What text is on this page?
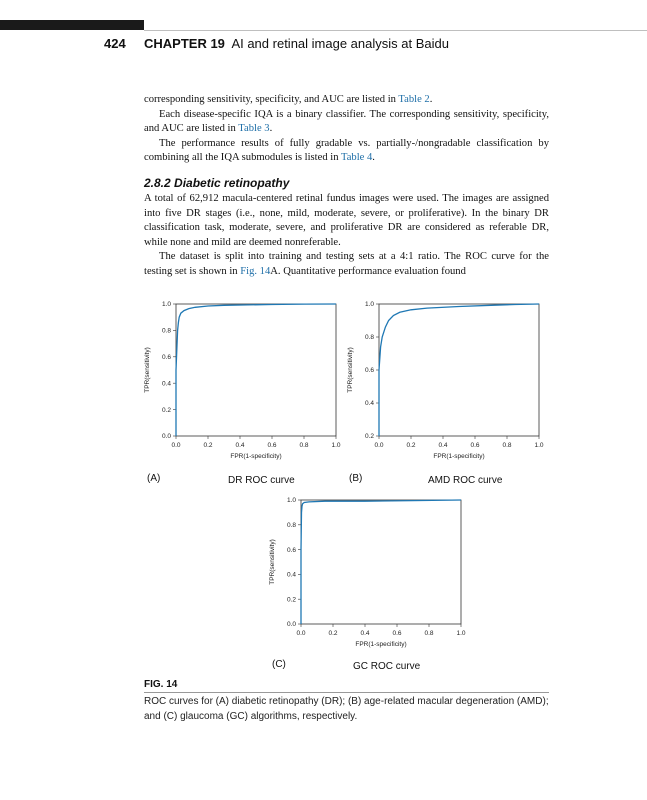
424 CHAPTER 19 AI and retinal image analysis at Baidu

corresponding sensitivity, specificity, and AUC are listed in Table 2.

Each disease-specific IQA is a binary classifier. The corresponding sensitivity, specificity, and AUC are listed in Table 3.

The performance results of fully gradable vs. partially-/nongradable classification by combining all the IQA submodules is listed in Table 4.

2.8.2 Diabetic retinopathy

A total of 62,912 macula-centered retinal fundus images were used. The images are assigned into five DR stages (i.e., none, mild, moderate, severe, or proliferative). In the binary DR classification task, moderate, severe, and proliferative DR are considered as referable DR, while none and mild are deemed nonreferable.

The dataset is split into training and testing sets at a 4:1 ratio. The ROC curve for the testing set is shown in Fig. 14A. Quantitative performance evaluation found

0.0	0.2	0.4	0.6	0.8	1.0
0.0
0.2
0.4
0.6
0.8
1.0
FPR(1-specificity)
TPR(sensitivity)
(A)	DR ROC curve
0.0	0.2	0.4	0.6	0.8	1.0
0.2
0.4
0.6
0.8
1.0
FPR(1-specificity)
TPR(sensitivity)
(B)	AMD ROC curve
0.0	0.2	0.4	0.6	0.8	1.0
0.0
0.2
0.4
0.6
0.8
1.0
FPR(1-specificity)
TPR(sensitivity)
(C)	GC ROC curve
FIG. 14
ROC curves for (A) diabetic retinopathy (DR); (B) age-related macular degeneration (AMD); and (C) glaucoma (GC) algorithms, respectively.
